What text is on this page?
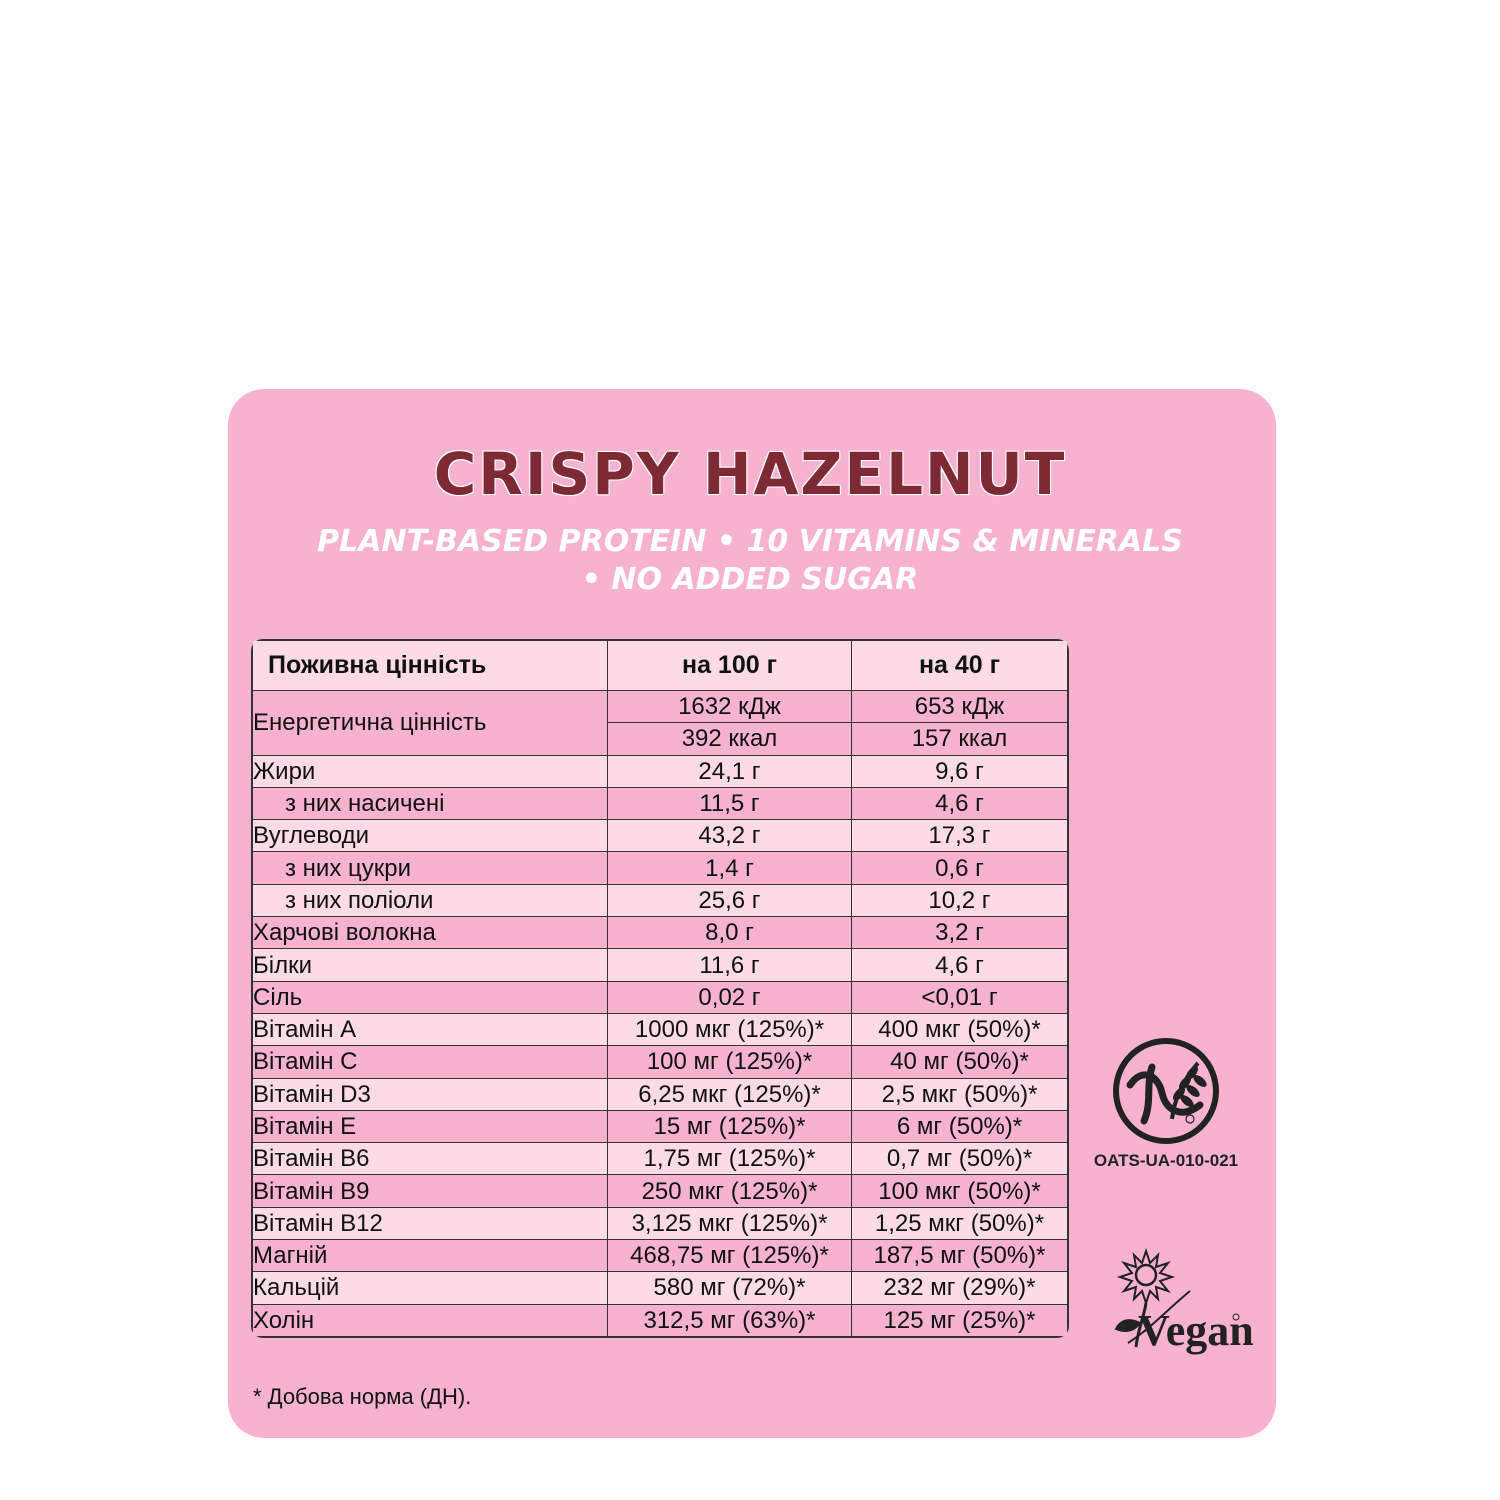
CRISPY HAZELNUT
PLANT-BASED PROTEIN • 10 VITAMINS & MINERALS
• NO ADDED SUGAR
Поживна цінність	на 100 г	на 40 г
Енергетична цінність	1632 кДж	653 кДж
	392 ккал	157 ккал
Жири	24,1 г	9,6 г
з них насичені	11,5 г	4,6 г
Вуглеводи	43,2 г	17,3 г
з них цукри	1,4 г	0,6 г
з них поліоли	25,6 г	10,2 г
Харчові волокна	8,0 г	3,2 г
Білки	11,6 г	4,6 г
Сіль	0,02 г	<0,01 г
Вітамін А	1000 мкг (125%)*	400 мкг (50%)*
Вітамін С	100 мг (125%)*	40 мг (50%)*
Вітамін D3	6,25 мкг (125%)*	2,5 мкг (50%)*
Вітамін Е	15 мг (125%)*	6 мг (50%)*
Вітамін В6	1,75 мг (125%)*	0,7 мг (50%)*
Вітамін В9	250 мкг (125%)*	100 мкг (50%)*
Вітамін В12	3,125 мкг (125%)*	1,25 мкг (50%)*
Магній	468,75 мг (125%)*	187,5 мг (50%)*
Кальцій	580 мг (72%)*	232 мг (29%)*
Холін	312,5 мг (63%)*	125 мг (25%)*
* Добова норма (ДН).
OATS-UA-010-021
Vegan
